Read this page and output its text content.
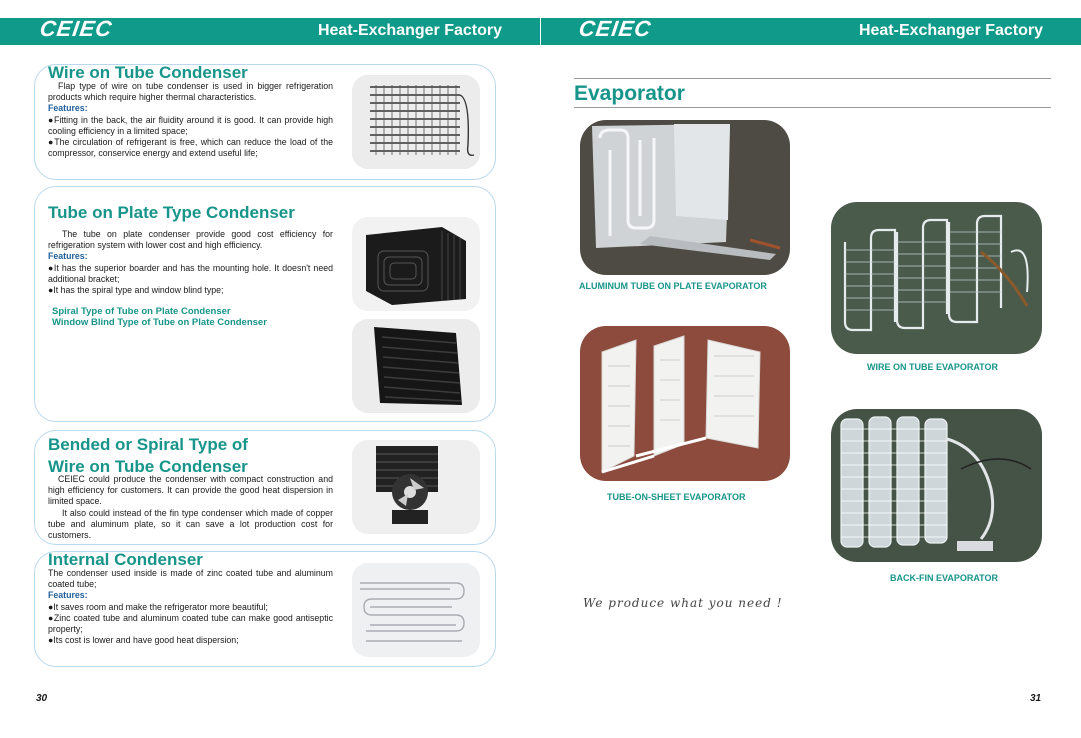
CEIEC	Heat-Exchanger Factory
Wire on Tube Condenser

Flap type of wire on tube condenser is used in bigger refrigeration products which require higher thermal characteristics.

Features:

●Fitting in the back, the air fluidity around it is good. It can provide high cooling efficiency in a limited space;

●The circulation of refrigerant is free, which can reduce the load of the compressor, conservice energy and extend useful life;

Tube on Plate Type Condenser

The tube on plate condenser provide good cost efficiency for refrigeration system with lower cost and high efficiency.

Features:

●It has the superior boarder and has the mounting hole. It doesn't need additional bracket;

●It has the spiral type and window blind type;

Spiral Type of Tube on Plate Condenser
Window Blind Type of Tube on Plate Condenser
Bended or Spiral Type of
Wire on Tube Condenser

CEIEC could produce the condenser with compact construction and high efficiency for customers. It can provide the good heat dispersion in limited space.

It also could instead of the fin type condenser which made of copper tube and aluminum plate, so it can save a lot production cost for customers.

Internal Condenser

The condenser used inside is made of zinc coated tube and aluminum coated tube;

Features:

●It saves room and make the refrigerator more beautiful;

●Zinc coated tube and aluminum coated tube can make good antiseptic property;

●Its cost is lower and have good heat dispersion;

30
CEIEC	Heat-Exchanger Factory
Evaporator
ALUMINUM TUBE ON PLATE EVAPORATOR
WIRE ON TUBE EVAPORATOR
TUBE-ON-SHEET EVAPORATOR
BACK-FIN EVAPORATOR
We produce what you need !
31
